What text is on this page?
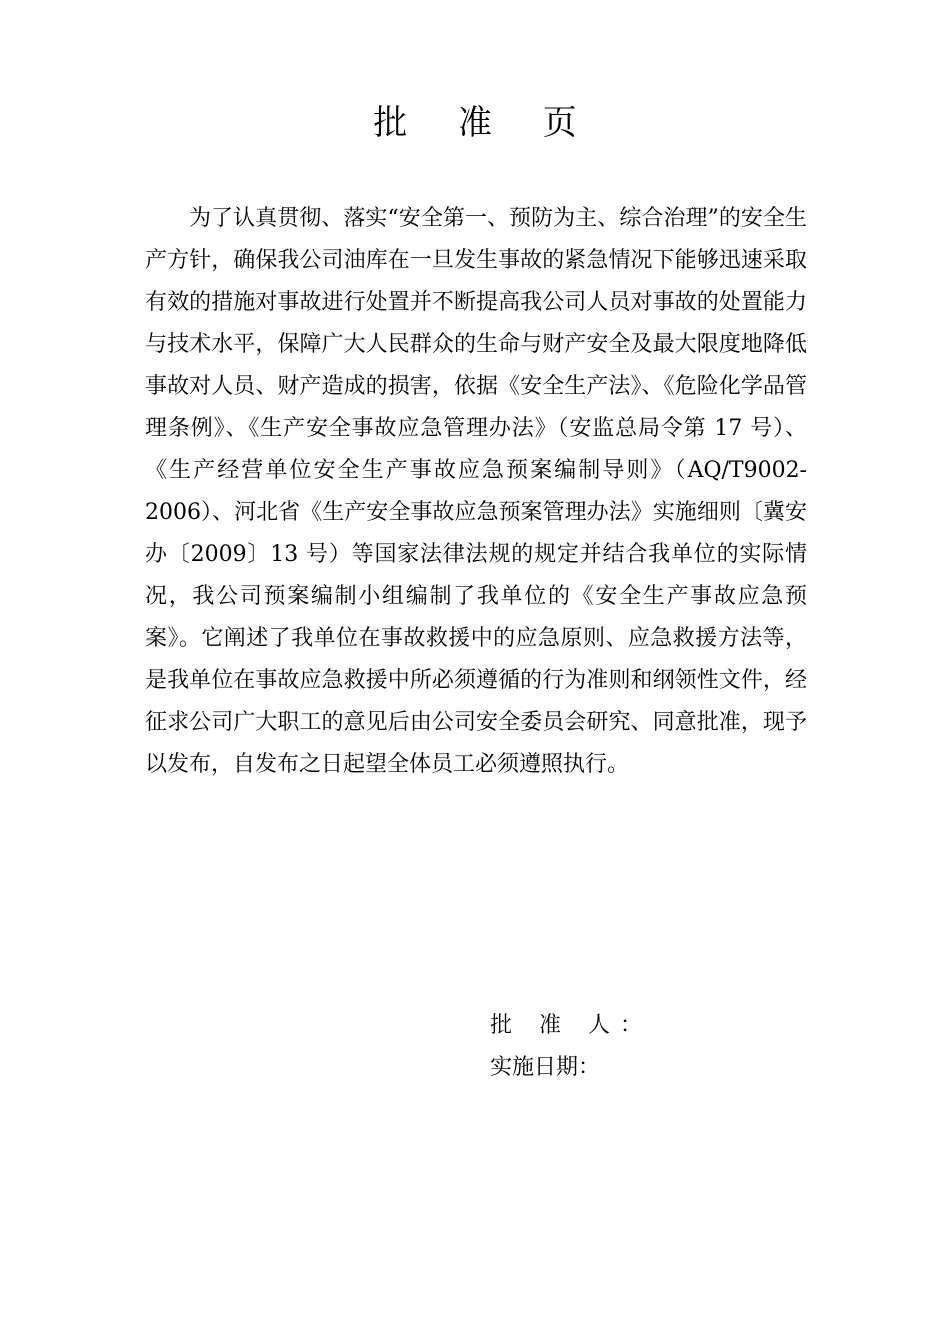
批 准 页

为了认真贯彻、落实“安全第一、预防为主、综合治理”的安全生产方针，确保我公司油库在一旦发生事故的紧急情况下能够迅速采取有效的措施对事故进行处置并不断提高我公司人员对事故的处置能力与技术水平，保障广大人民群众的生命与财产安全及最大限度地降低事故对人员、财产造成的损害，依据《安全生产法》、《危险化学品管理条例》、《生产安全事故应急管理办法》（安监总局令第 17 号）、《生产经营单位安全生产事故应急预案编制导则》（AQ/T9002-2006）、河北省《生产安全事故应急预案管理办法》实施细则〔冀安办〔2009〕13 号）等国家法律法规的规定并结合我单位的实际情况，我公司预案编制小组编制了我单位的《安全生产事故应急预案》。它阐述了我单位在事故救援中的应急原则、应急救援方法等，是我单位在事故应急救援中所必须遵循的行为准则和纲领性文件，经征求公司广大职工的意见后由公司安全委员会研究、同意批准，现予以发布，自发布之日起望全体员工必须遵照执行。

批 准 人：
实施日期：
